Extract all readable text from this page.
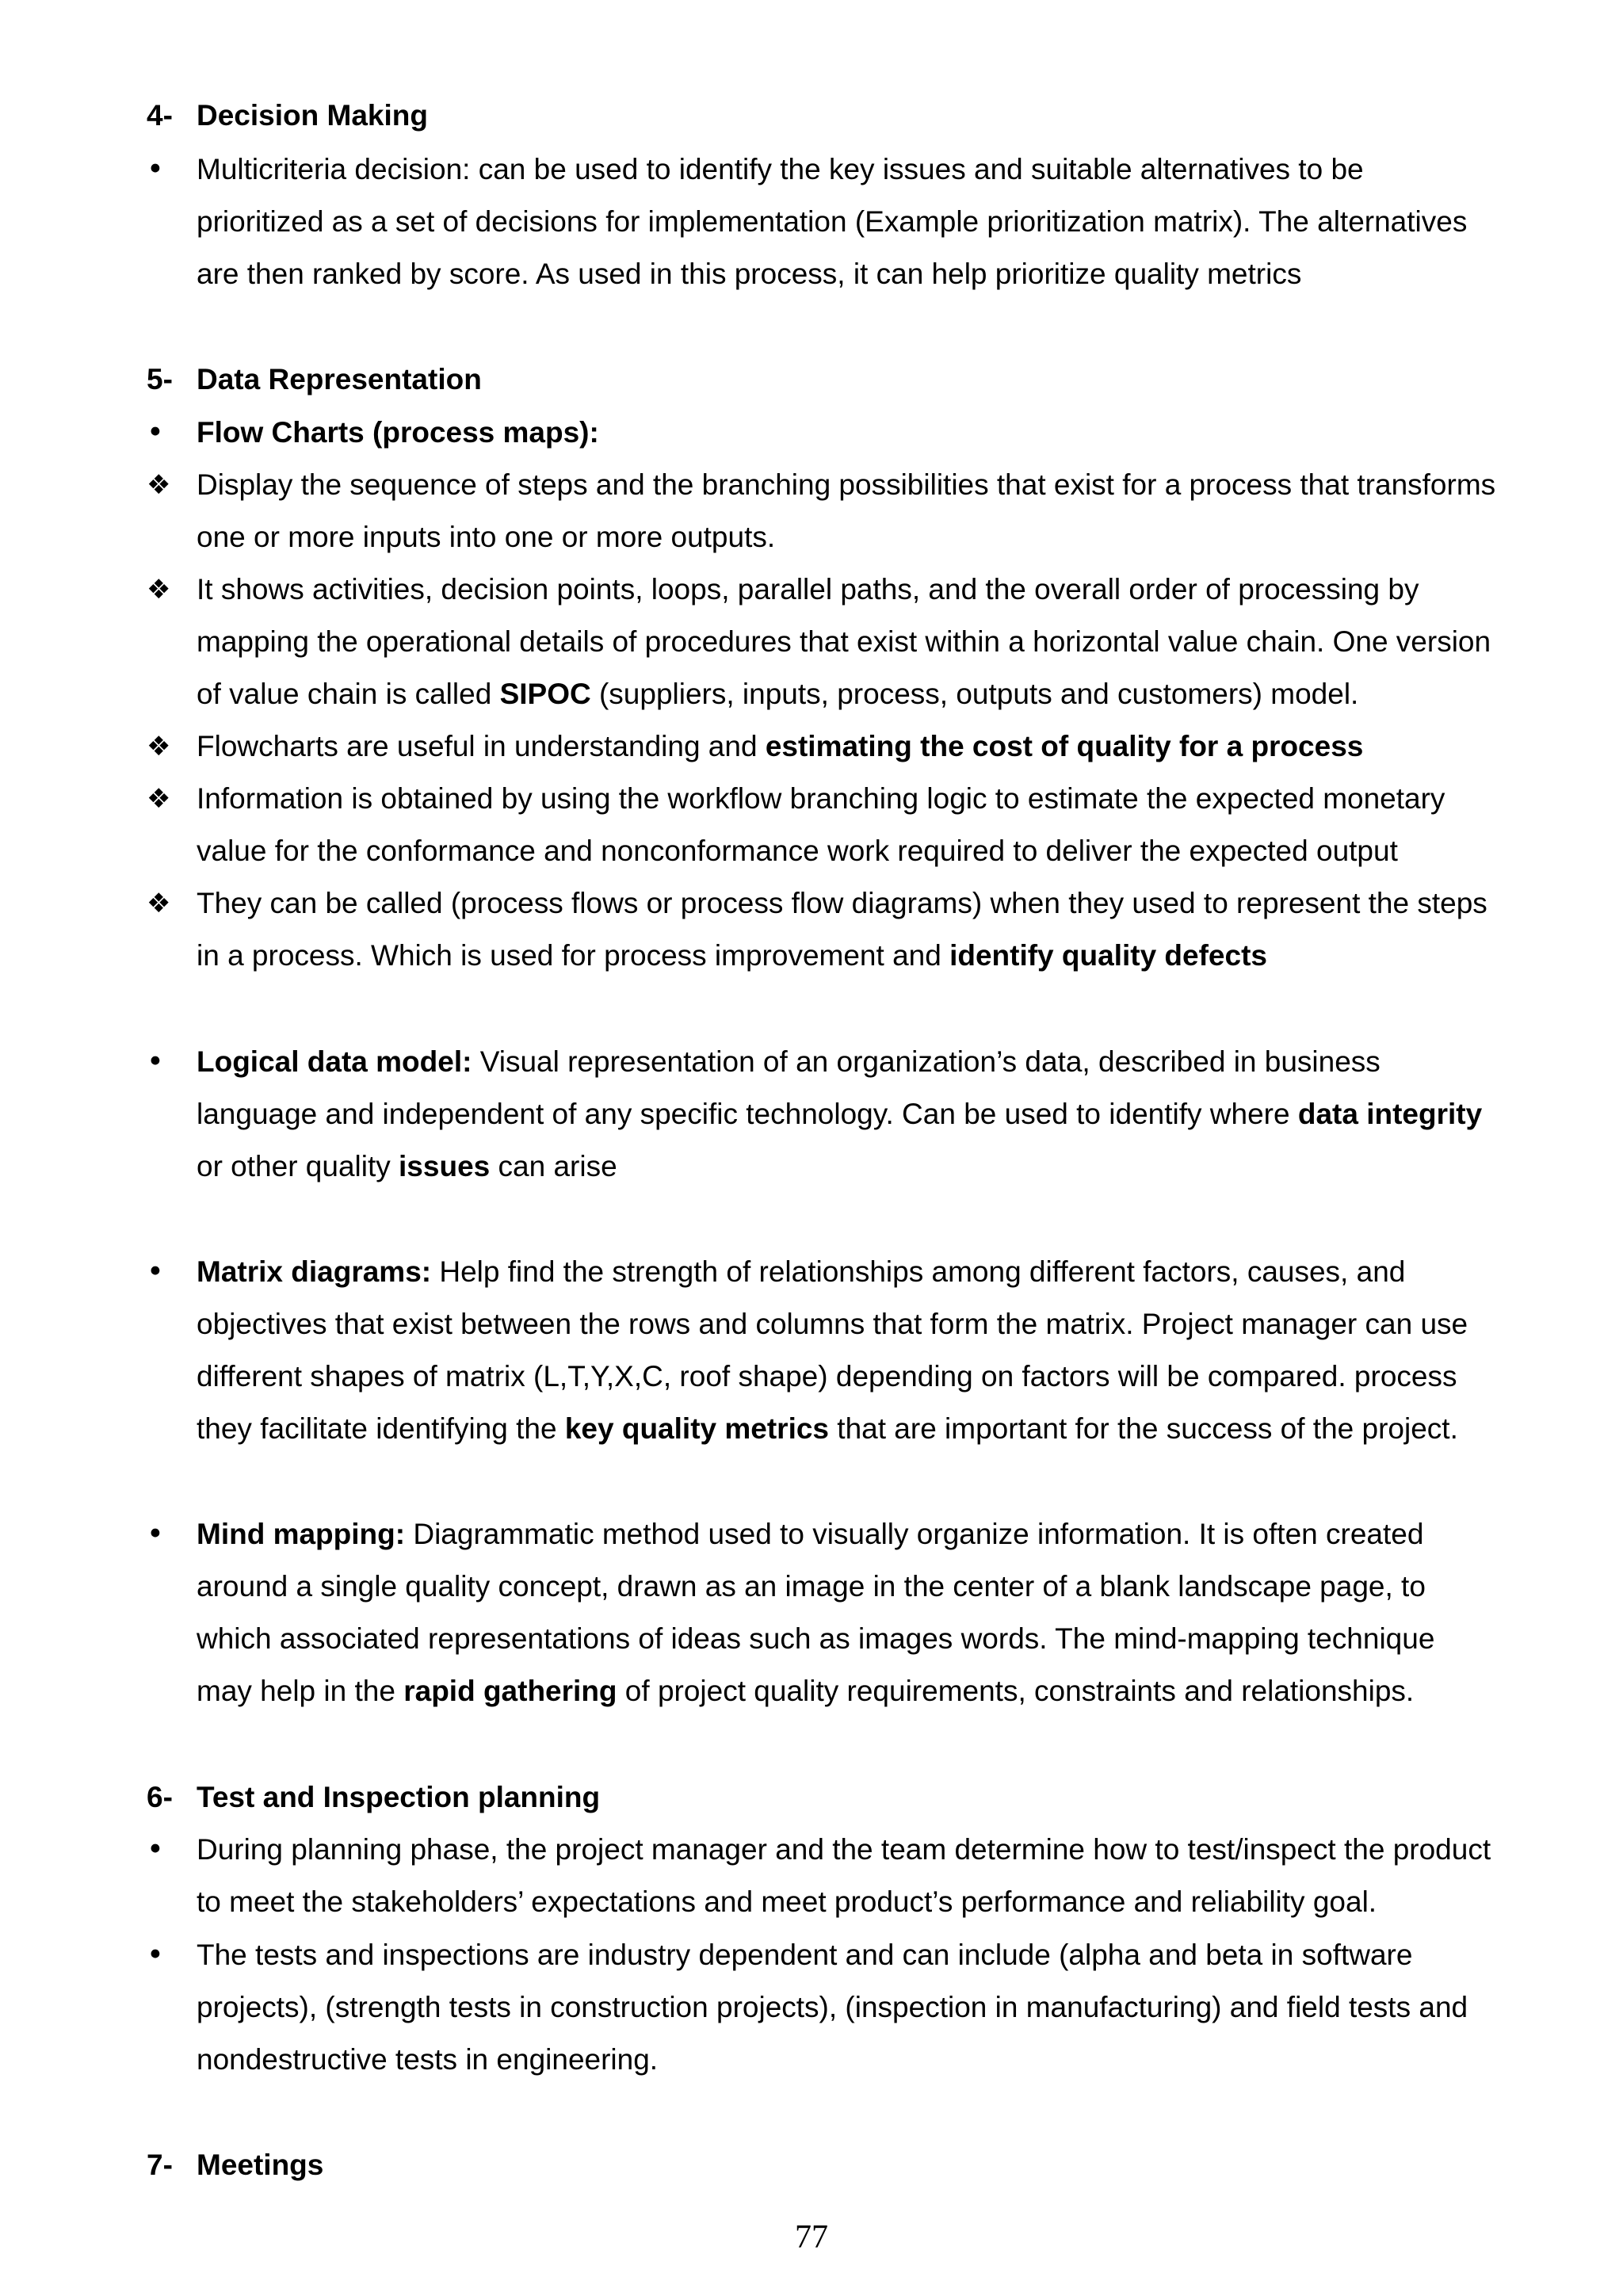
4- Decision Making
• Multicriteria decision: can be used to identify the key issues and suitable alternatives to be
prioritized as a set of decisions for implementation (Example prioritization matrix). The alternatives
are then ranked by score. As used in this process, it can help prioritize quality metrics
5- Data Representation
• Flow Charts (process maps):
❖ Display the sequence of steps and the branching possibilities that exist for a process that transforms
one or more inputs into one or more outputs.
❖ It shows activities, decision points, loops, parallel paths, and the overall order of processing by
mapping the operational details of procedures that exist within a horizontal value chain. One version
of value chain is called SIPOC (suppliers, inputs, process, outputs and customers) model.
❖ Flowcharts are useful in understanding and estimating the cost of quality for a process
❖ Information is obtained by using the workflow branching logic to estimate the expected monetary
value for the conformance and nonconformance work required to deliver the expected output
❖ They can be called (process flows or process flow diagrams) when they used to represent the steps
in a process. Which is used for process improvement and identify quality defects
• Logical data model: Visual representation of an organization’s data, described in business
language and independent of any specific technology. Can be used to identify where data integrity
or other quality issues can arise
• Matrix diagrams: Help find the strength of relationships among different factors, causes, and
objectives that exist between the rows and columns that form the matrix. Project manager can use
different shapes of matrix (L,T,Y,X,C, roof shape) depending on factors will be compared. process
they facilitate identifying the key quality metrics that are important for the success of the project.
• Mind mapping: Diagrammatic method used to visually organize information. It is often created
around a single quality concept, drawn as an image in the center of a blank landscape page, to
which associated representations of ideas such as images words. The mind-mapping technique
may help in the rapid gathering of project quality requirements, constraints and relationships.
6- Test and Inspection planning
• During planning phase, the project manager and the team determine how to test/inspect the product
to meet the stakeholders’ expectations and meet product’s performance and reliability goal.
• The tests and inspections are industry dependent and can include (alpha and beta in software
projects), (strength tests in construction projects), (inspection in manufacturing) and field tests and
nondestructive tests in engineering.
7- Meetings
77
